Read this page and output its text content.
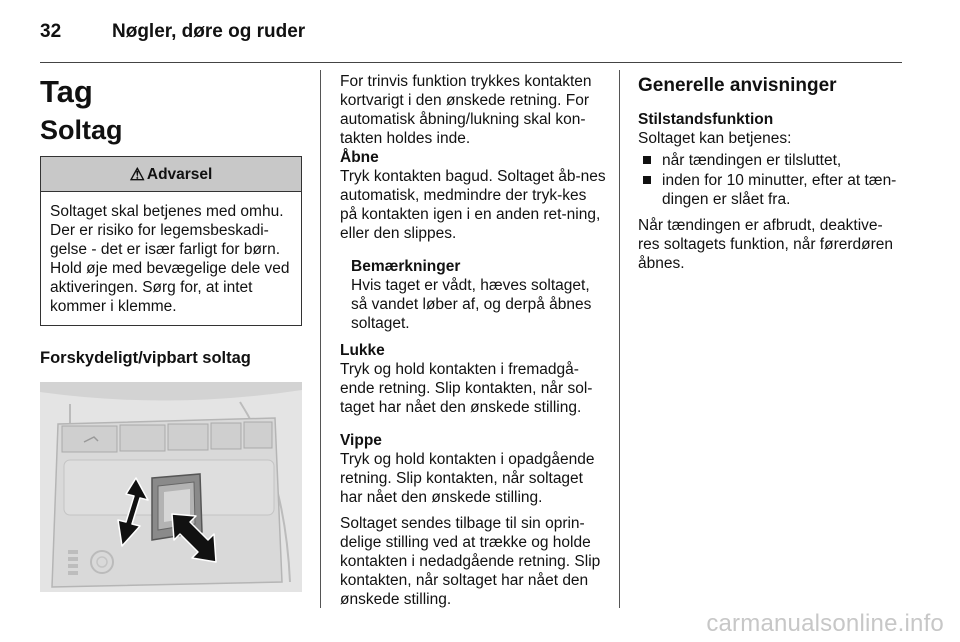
32	Nøgler, døre og ruder
Tag
Soltag
⚠ Advarsel

Soltaget skal betjenes med omhu. Der er risiko for legemsbeskadi-gelse - det er især farligt for børn.

Hold øje med bevægelige dele ved aktiveringen. Sørg for, at intet kommer i klemme.

Forskydeligt/vipbart soltag

For trinvis funktion trykkes kontakten kortvarigt i den ønskede retning. For automatisk åbning/lukning skal kon-takten holdes inde.

Åbne

Tryk kontakten bagud. Soltaget åb-nes automatisk, medmindre der tryk-kes på kontakten igen i en anden ret-ning, eller den slippes.

Bemærkninger

Hvis taget er vådt, hæves soltaget, så vandet løber af, og derpå åbnes soltaget.

Lukke

Tryk og hold kontakten i fremadgå-ende retning. Slip kontakten, når sol-taget har nået den ønskede stilling.

Vippe

Tryk og hold kontakten i opadgående retning. Slip kontakten, når soltaget har nået den ønskede stilling.

Soltaget sendes tilbage til sin oprin-delige stilling ved at trække og holde kontakten i nedadgående retning. Slip kontakten, når soltaget har nået den ønskede stilling.

Generelle anvisninger

Stilstandsfunktion

Soltaget kan betjenes:

når tændingen er tilsluttet,
inden for 10 minutter, efter at tæn-dingen er slået fra.

Når tændingen er afbrudt, deaktive-res soltagets funktion, når førerdøren åbnes.

carmanualsonline.info
